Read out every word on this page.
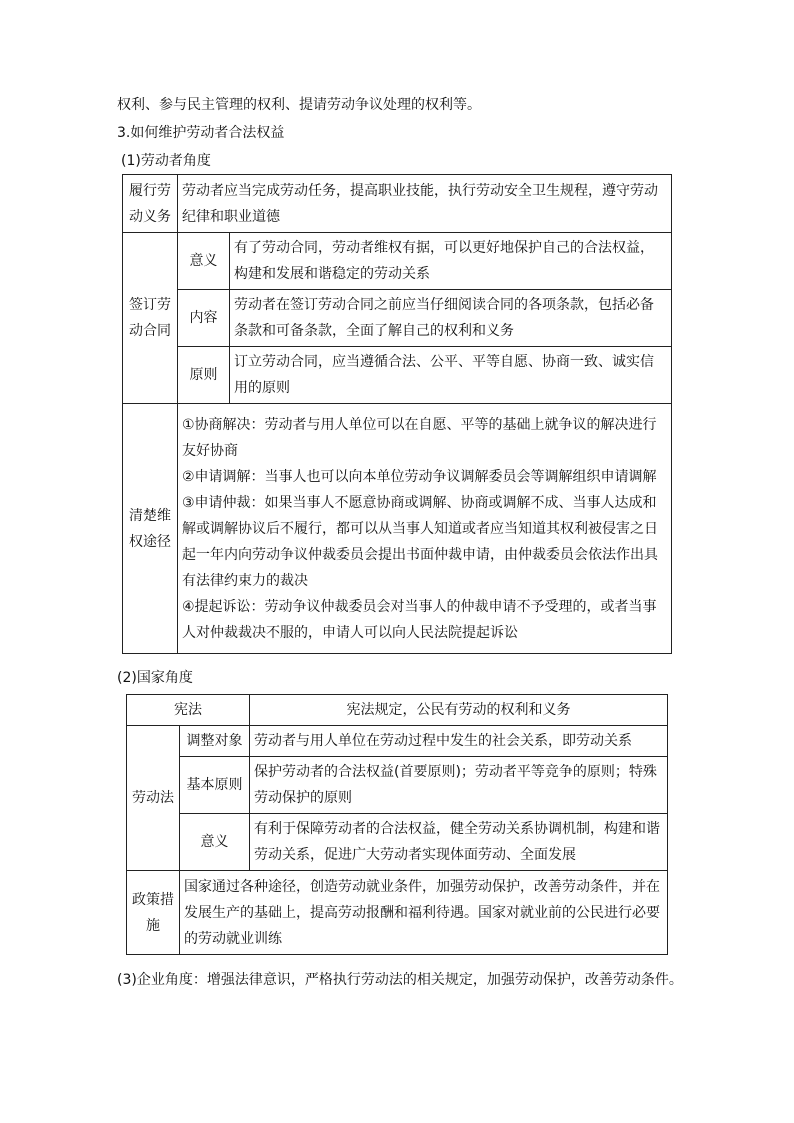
权利、参与民主管理的权利、提请劳动争议处理的权利等。
3.如何维护劳动者合法权益
(1)劳动者角度
履行劳动义务	劳动者应当完成劳动任务，提高职业技能，执行劳动安全卫生规程，遵守劳动纪律和职业道德	
签订劳动合同	意义	有了劳动合同，劳动者维权有据，可以更好地保护自己的合法权益，构建和发展和谐稳定的劳动关系
	内容	劳动者在签订劳动合同之前应当仔细阅读合同的各项条款，包括必备条款和可备条款，全面了解自己的权利和义务
	原则	订立劳动合同，应当遵循合法、公平、平等自愿、协商一致、诚实信用的原则
清楚维权途径	①协商解决：劳动者与用人单位可以在自愿、平等的基础上就争议的解决进行友好协商
②申请调解：当事人也可以向本单位劳动争议调解委员会等调解组织申请调解
③申请仲裁：如果当事人不愿意协商或调解、协商或调解不成、当事人达成和解或调解协议后不履行，都可以从当事人知道或者应当知道其权利被侵害之日起一年内向劳动争议仲裁委员会提出书面仲裁申请，由仲裁委员会依法作出具有法律约束力的裁决
④提起诉讼：劳动争议仲裁委员会对当事人的仲裁申请不予受理的，或者当事人对仲裁裁决不服的，申请人可以向人民法院提起诉讼	
(2)国家角度
宪法		宪法规定，公民有劳动的权利和义务
劳动法	调整对象	劳动者与用人单位在劳动过程中发生的社会关系，即劳动关系
	基本原则	保护劳动者的合法权益(首要原则)；劳动者平等竞争的原则；特殊劳动保护的原则
	意义	有利于保障劳动者的合法权益，健全劳动关系协调机制，构建和谐劳动关系，促进广大劳动者实现体面劳动、全面发展
政策措施	国家通过各种途径，创造劳动就业条件，加强劳动保护，改善劳动条件，并在发展生产的基础上，提高劳动报酬和福利待遇。国家对就业前的公民进行必要的劳动就业训练	
(3)企业角度：增强法律意识，严格执行劳动法的相关规定，加强劳动保护，改善劳动条件。
